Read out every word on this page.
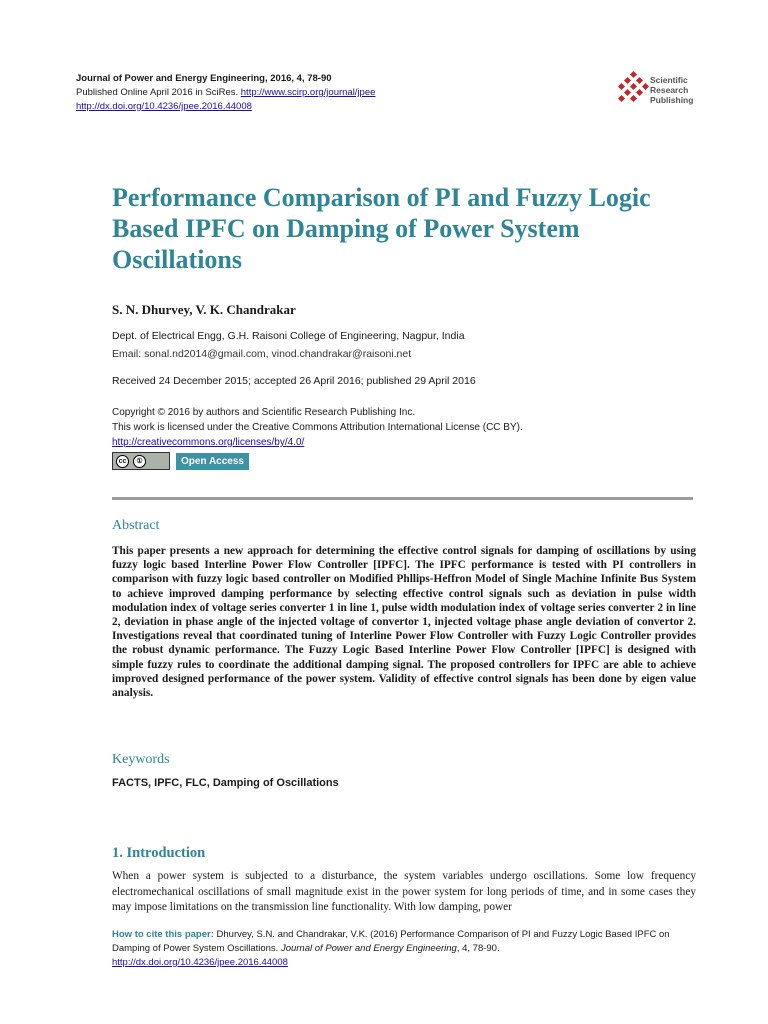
Journal of Power and Energy Engineering, 2016, 4, 78-90
Published Online April 2016 in SciRes. http://www.scirp.org/journal/jpee
http://dx.doi.org/10.4236/jpee.2016.44008
Scientific
Research
Publishing
Performance Comparison of PI and Fuzzy Logic Based IPFC on Damping of Power System Oscillations
S. N. Dhurvey, V. K. Chandrakar
Dept. of Electrical Engg, G.H. Raisoni College of Engineering, Nagpur, India
Email: sonal.nd2014@gmail.com, vinod.chandrakar@raisoni.net
Received 24 December 2015; accepted 26 April 2016; published 29 April 2016
Copyright © 2016 by authors and Scientific Research Publishing Inc.
This work is licensed under the Creative Commons Attribution International License (CC BY).
http://creativecommons.org/licenses/by/4.0/
cc	①	Open Access
Abstract
This paper presents a new approach for determining the effective control signals for damping of oscillations by using fuzzy logic based Interline Power Flow Controller [IPFC]. The IPFC performance is tested with PI controllers in comparison with fuzzy logic based controller on Modified Phllips-Heffron Model of Single Machine Infinite Bus System to achieve improved damping performance by selecting effective control signals such as deviation in pulse width modulation index of voltage series converter 1 in line 1, pulse width modulation index of voltage series converter 2 in line 2, deviation in phase angle of the injected voltage of convertor 1, injected voltage phase angle deviation of convertor 2. Investigations reveal that coordinated tuning of Interline Power Flow Controller with Fuzzy Logic Controller provides the robust dynamic performance. The Fuzzy Logic Based Interline Power Flow Controller [IPFC] is designed with simple fuzzy rules to coordinate the additional damping signal. The proposed controllers for IPFC are able to achieve improved designed performance of the power system. Validity of effective control signals has been done by eigen value analysis.
Keywords
FACTS, IPFC, FLC, Damping of Oscillations
1. Introduction
When a power system is subjected to a disturbance, the system variables undergo oscillations. Some low frequency electromechanical oscillations of small magnitude exist in the power system for long periods of time, and in some cases they may impose limitations on the transmission line functionality. With low damping, power
How to cite this paper: Dhurvey, S.N. and Chandrakar, V.K. (2016) Performance Comparison of PI and Fuzzy Logic Based IPFC on Damping of Power System Oscillations. Journal of Power and Energy Engineering, 4, 78-90.
http://dx.doi.org/10.4236/jpee.2016.44008
